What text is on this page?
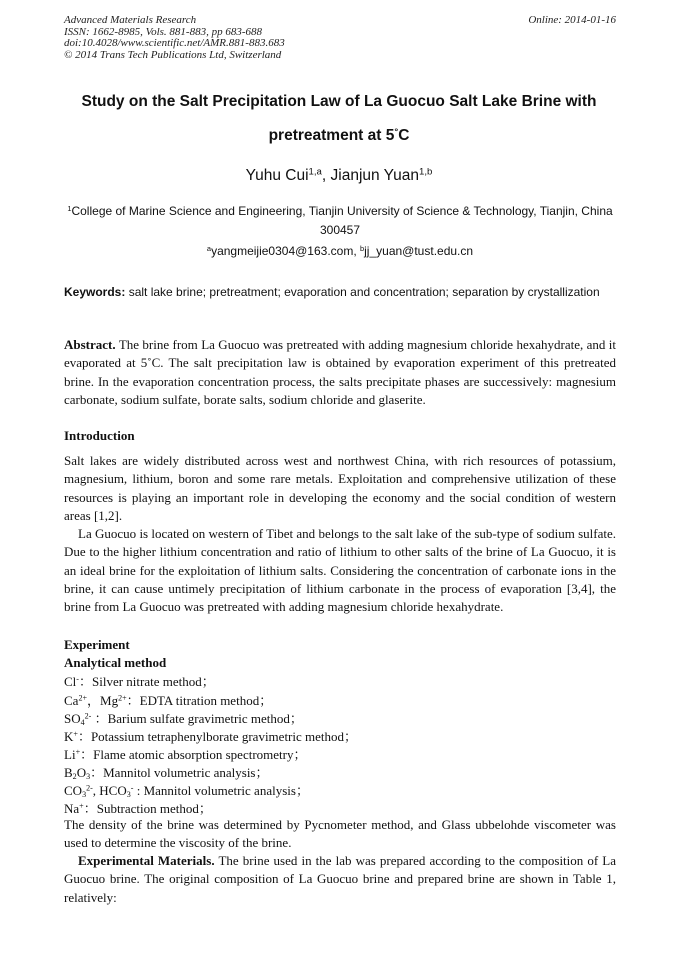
Advanced Materials Research
ISSN: 1662-8985, Vols. 881-883, pp 683-688
doi:10.4028/www.scientific.net/AMR.881-883.683
© 2014 Trans Tech Publications Ltd, Switzerland
Online: 2014-01-16
Study on the Salt Precipitation Law of La Guocuo Salt Lake Brine with
pretreatment at 5°C
Yuhu Cui$^{1,a}$, Jianjun Yuan$^{1,b}$
$^1$College of Marine Science and Engineering, Tianjin University of Science & Technology, Tianjin, China 300457
$^a$yangmeijie0304@163.com, $^b$jj_yuan@tust.edu.cn
Keywords: salt lake brine; pretreatment; evaporation and concentration; separation by crystallization
Abstract. The brine from La Guocuo was pretreated with adding magnesium chloride hexahydrate, and it evaporated at 5˚C. The salt precipitation law is obtained by evaporation experiment of this pretreated brine. In the evaporation concentration process, the salts precipitate phases are successively: magnesium carbonate, sodium sulfate, borate salts, sodium chloride and glaserite.
Introduction
Salt lakes are widely distributed across west and northwest China, with rich resources of potassium, magnesium, lithium, boron and some rare metals. Exploitation and comprehensive utilization of these resources is playing an important role in developing the economy and the social condition of western areas [1,2].
La Guocuo is located on western of Tibet and belongs to the salt lake of the sub-type of sodium sulfate. Due to the higher lithium concentration and ratio of lithium to other salts of the brine of La Guocuo, it is an ideal brine for the exploitation of lithium salts. Considering the concentration of carbonate ions in the brine, it can cause untimely precipitation of lithium carbonate in the process of evaporation [3,4], the brine from La Guocuo was pretreated with adding magnesium chloride hexahydrate.
Experiment
Analytical method
Cl-：Silver nitrate method；
$Ca^{2+}$，$Mg^{2+}$：EDTA titration method；
$SO_4^{2-}$ ：Barium sulfate gravimetric method；
K+：Potassium tetraphenylborate gravimetric method；
Li+：Flame atomic absorption spectrometry；
$B_2O_3$：Mannitol volumetric analysis；
$CO_3^{2-}$, $HCO_3^-$ : Mannitol volumetric analysis；
Na+：Subtraction method；
The density of the brine was determined by Pycnometer method, and Glass ubbelohde viscometer was used to determine the viscosity of the brine.
Experimental Materials. The brine used in the lab was prepared according to the composition of La Guocuo brine. The original composition of La Guocuo brine and prepared brine are shown in Table 1, relatively:
